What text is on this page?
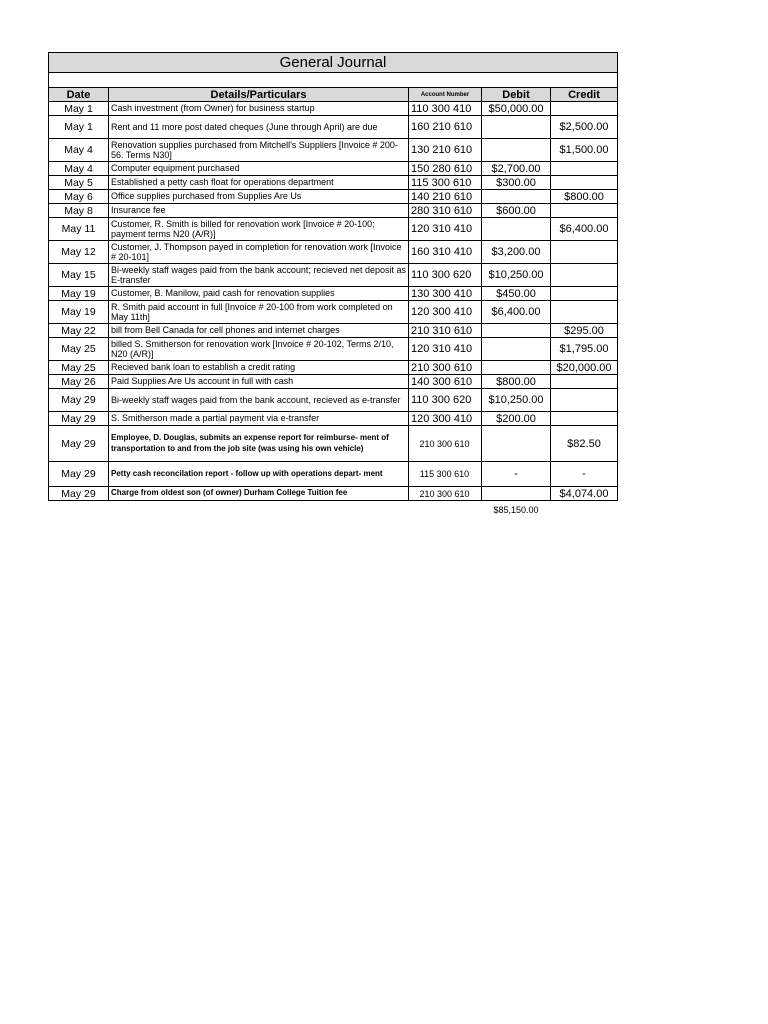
General Journal				

Date	Details/Particulars	Account Number	Debit	Credit
May 1	Cash investment (from Owner) for business startup	110 300 410	$50,000.00	
May 1	Rent and 11 more post dated cheques (June through April) are due	160 210 610		$2,500.00
May 4	Renovation supplies purchased from Mitchell's Suppliers [Invoice # 200-56. Terms N30]	130 210 610		$1,500.00
May 4	Computer equipment purchased	150 280 610	$2,700.00	
May 5	Established a petty cash float for operations department	115 300 610	$300.00	
May 6	Office supplies purchased from Supplies Are Us	140 210 610		$800.00
May 8	Insurance fee	280 310 610	$600.00	
May 11	Customer, R. Smith is billed for renovation work [Invoice # 20-100; payment terms N20 (A/R)]	120 310 410		$6,400.00
May 12	Customer, J. Thompson payed in completion for renovation work [Invoice # 20-101]	160 310 410	$3,200.00	
May 15	Bi-weekly staff wages paid from the bank account; recieved net deposit as E-transfer	110 300 620	$10,250.00	
May 19	Customer, B. Manilow, paid cash for renovation supplies	130 300 410	$450.00	
May 19	R. Smith paid account in full [Invoice # 20-100 from work completed on May 11th]	120 300 410	$6,400.00	
May 22	bill from Bell Canada for cell phones and internet charges	210 310 610		$295.00
May 25	billed S. Smitherson for renovation work [Invoice # 20-102, Terms 2/10, N20 (A/R)]	120 310 410		$1,795.00
May 25	Recieved bank loan to establish a credit rating	210 300 610		$20,000.00
May 26	Paid Supplies Are Us account in full with cash	140 300 610	$800.00	
May 29	Bi-weekly staff wages paid from the bank account, recieved as e-transfer	110 300 620	$10,250.00	
May 29	S. Smitherson made a partial payment via e-transfer	120 300 410	$200.00	
May 29	Employee, D. Douglas, submits an expense report for reimburse- ment of transportation to and from the job site (was using his own vehicle)	210 300 610		$82.50
May 29	Petty cash reconcilation report - follow up with operations depart- ment	115 300 610	-	-
May 29	Charge from oldest son (of owner) Durham College Tuition fee	210 300 610		$4,074.00
			$85,150.00	
